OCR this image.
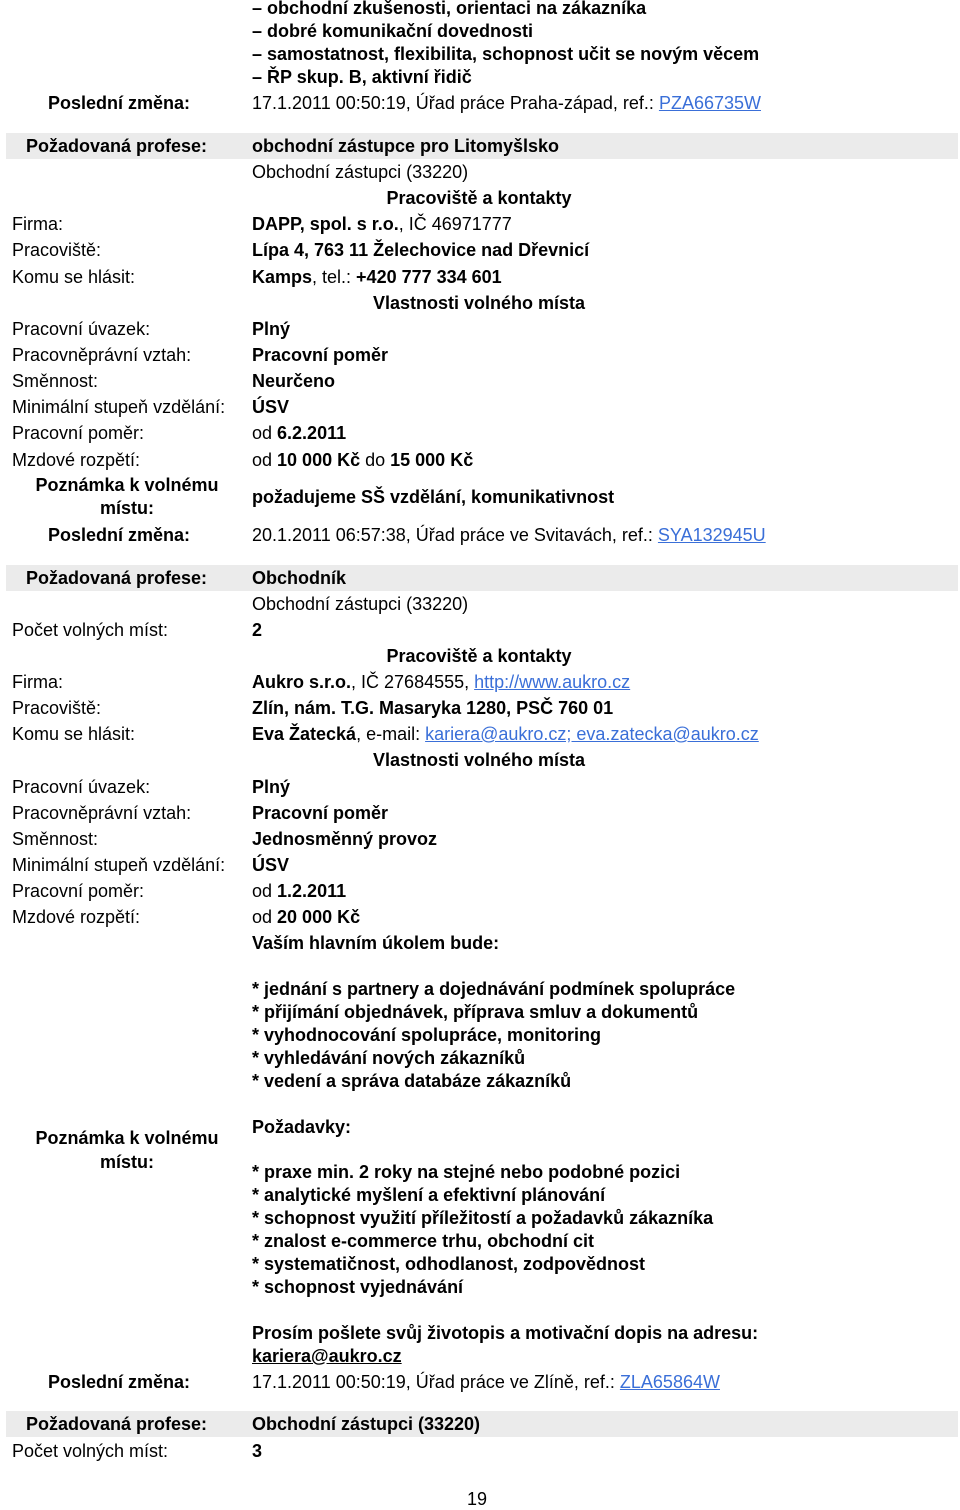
– obchodní zkušenosti, orientaci na zákazníka
– dobré komunikační dovednosti
– samostatnost, flexibilita, schopnost učit se novým věcem
– ŘP skup. B, aktivní řidič
Poslední změna:	17.1.2011 00:50:19, Úřad práce Praha-západ, ref.: PZA66735W
Požadovaná profese: obchodní zástupce pro Litomyšlsko
Obchodní zástupci (33220)
Pracoviště a kontakty
Firma:	DAPP, spol. s r.o., IČ 46971777
Pracoviště:	Lípa 4, 763 11 Želechovice nad Dřevnicí
Komu se hlásit:	Kamps, tel.: +420 777 334 601
Vlastnosti volného místa
Pracovní úvazek:	Plný
Pracovněprávní vztah:	Pracovní poměr
Směnnost:	Neurčeno
Minimální stupeň vzdělání: ÚSV
Pracovní poměr:	od 6.2.2011
Mzdové rozpětí:	od 10 000 Kč do 15 000 Kč
Poznámka k volnému
místu:
požadujeme SŠ vzdělání, komunikativnost
Poslední změna:	20.1.2011 06:57:38, Úřad práce ve Svitavách, ref.: SYA132945U
Požadovaná profese: Obchodník
Obchodní zástupci (33220)
Počet volných míst:	2
Pracoviště a kontakty
Firma:	Aukro s.r.o., IČ 27684555, http://www.aukro.cz
Pracoviště:	Zlín, nám. T.G. Masaryka 1280, PSČ 760 01
Komu se hlásit:	Eva Žatecká, e-mail: kariera@aukro.cz; eva.zatecka@aukro.cz
Vlastnosti volného místa
Pracovní úvazek:	Plný
Pracovněprávní vztah:	Pracovní poměr
Směnnost:	Jednosměnný provoz
Minimální stupeň vzdělání: ÚSV
Pracovní poměr:	od 1.2.2011
Mzdové rozpětí:	od 20 000 Kč
Vaším hlavním úkolem bude:
* jednání s partnery a dojednávání podmínek spolupráce
* přijímání objednávek, příprava smluv a dokumentů
* vyhodnocování spolupráce, monitoring
* vyhledávání nových zákazníků
* vedení a správa databáze zákazníků
Poznámka k volnému
místu:
Požadavky:
* praxe min. 2 roky na stejné nebo podobné pozici
* analytické myšlení a efektivní plánování
* schopnost využití příležitostí a požadavků zákazníka
* znalost e-commerce trhu, obchodní cit
* systematičnost, odhodlanost, zodpovědnost
* schopnost vyjednávání
Prosím pošlete svůj životopis a motivační dopis na adresu:
kariera@aukro.cz
Poslední změna:	17.1.2011 00:50:19, Úřad práce ve Zlíně, ref.: ZLA65864W
Požadovaná profese: Obchodní zástupci (33220)
Počet volných míst:	3
19
